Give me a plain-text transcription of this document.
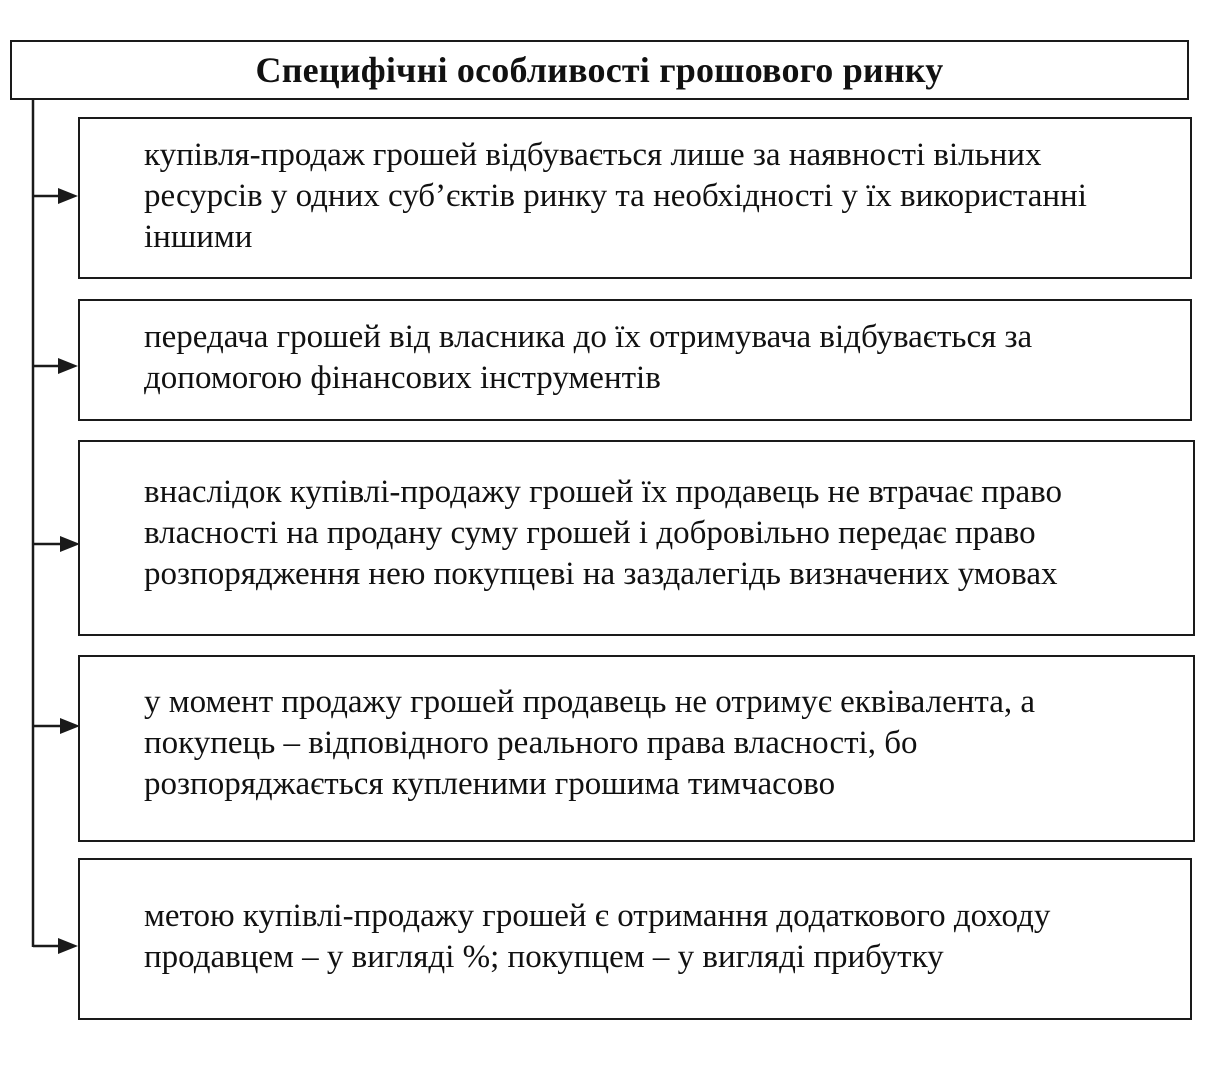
Специфічні особливості грошового ринку
купівля-продаж грошей відбувається лише за наявності вільних ресурсів у одних суб’єктів ринку та необхідності у їх використанні іншими
передача грошей від власника до їх отримувача відбувається за допомогою фінансових інструментів
внаслідок купівлі-продажу грошей їх продавець не втрачає право власності на продану суму грошей і добровільно передає право розпорядження нею покупцеві на заздалегідь визначених умовах
у момент продажу грошей продавець не отримує еквівалента, а покупець – відповідного реального права власності, бо розпоряджається купленими грошима тимчасово
метою купівлі-продажу грошей є отримання додаткового доходу продавцем – у вигляді %; покупцем – у вигляді прибутку
